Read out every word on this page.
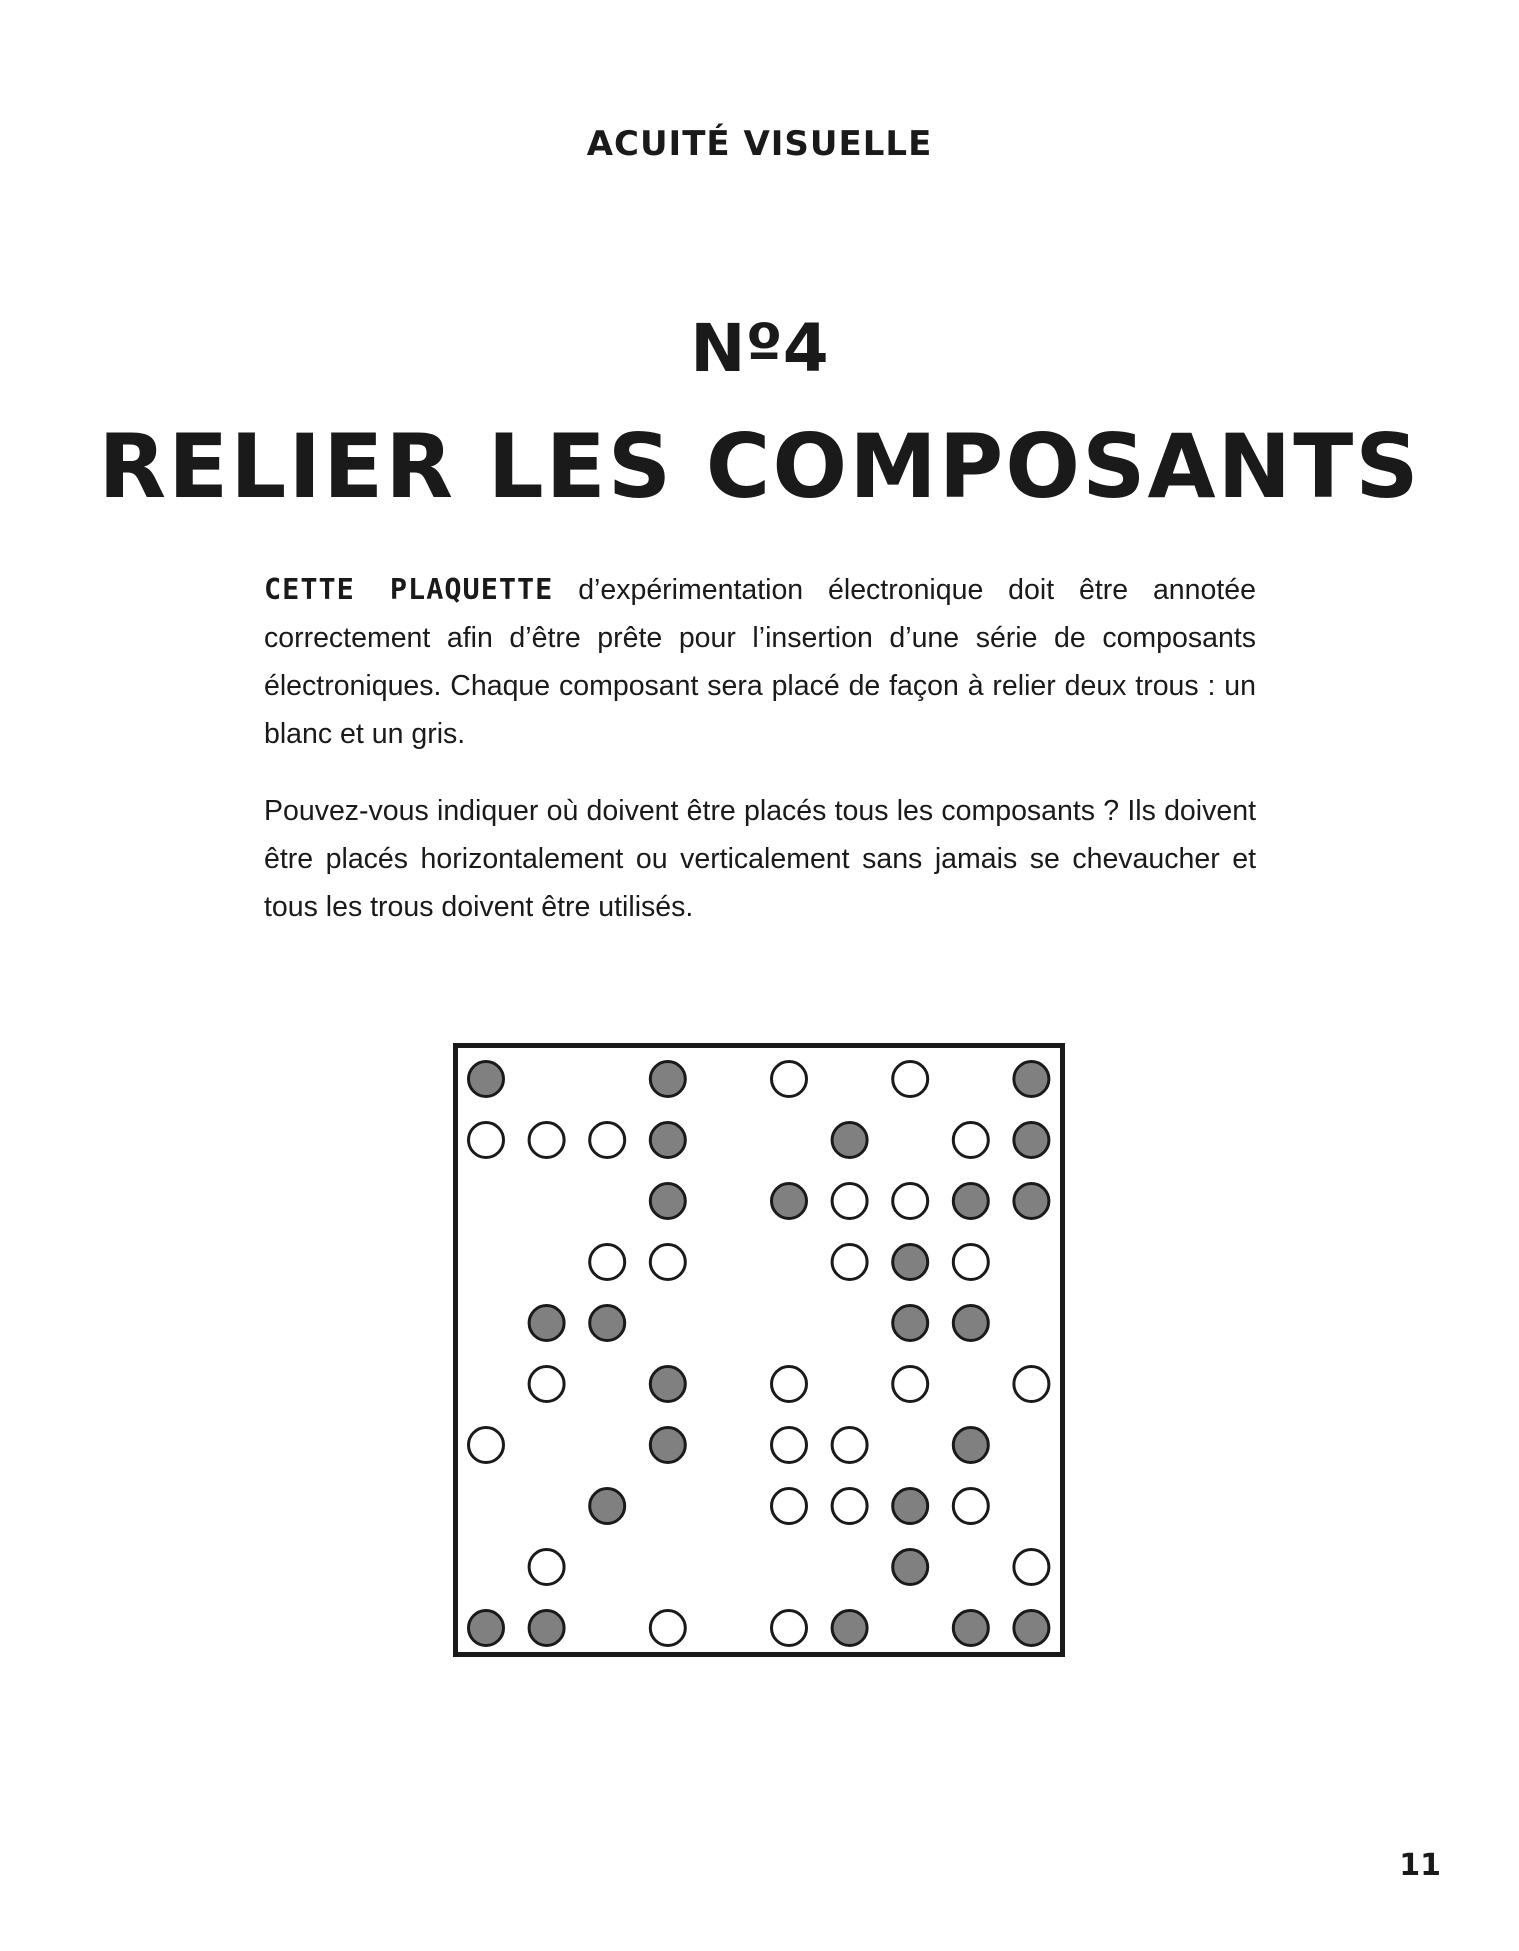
ACUITÉ VISUELLE
Nº4
RELIER LES COMPOSANTS

CETTE PLAQUETTE d’expérimentation électronique doit être annotée correctement afin d’être prête pour l’insertion d’une série de composants électroniques. Chaque composant sera placé de façon à relier deux trous : un blanc et un gris.

Pouvez-vous indiquer où doivent être placés tous les composants ? Ils doivent être placés horizontalement ou verticalement sans jamais se chevaucher et tous les trous doivent être utilisés.

11
